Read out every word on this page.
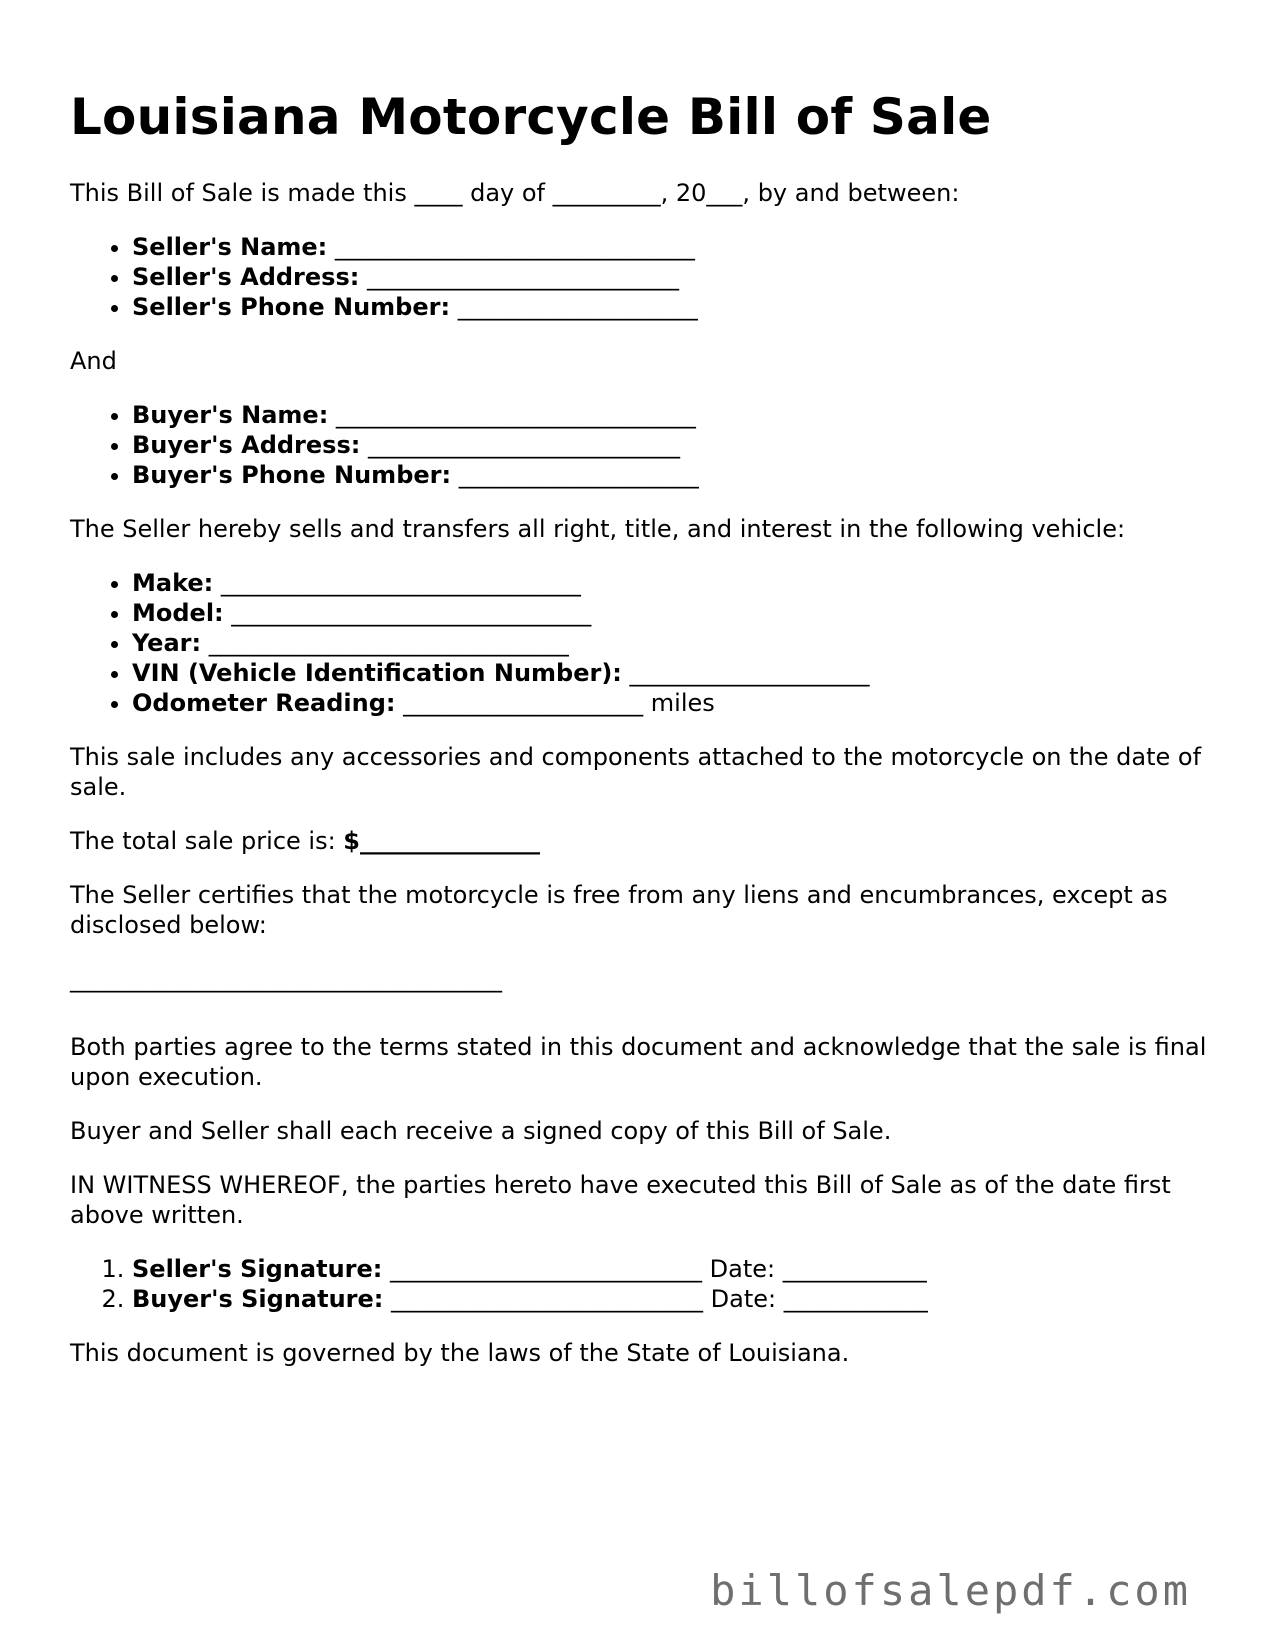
Louisiana Motorcycle Bill of Sale

This Bill of Sale is made this ____ day of _________, 20___, by and between:

• Seller's Name: ______________________________
• Seller's Address: __________________________
• Seller's Phone Number: ____________________

And

• Buyer's Name: ______________________________
• Buyer's Address: __________________________
• Buyer's Phone Number: ____________________

The Seller hereby sells and transfers all right, title, and interest in the following vehicle:

• Make: ______________________________
• Model: ______________________________
• Year: ______________________________
• VIN (Vehicle Identification Number): ____________________
• Odometer Reading: ____________________ miles

This sale includes any accessories and components attached to the motorcycle on the date of sale.

The total sale price is: $_______________

The Seller certifies that the motorcycle is free from any liens and encumbrances, except as disclosed below:

____________________________________

Both parties agree to the terms stated in this document and acknowledge that the sale is final upon execution.

Buyer and Seller shall each receive a signed copy of this Bill of Sale.

IN WITNESS WHEREOF, the parties hereto have executed this Bill of Sale as of the date first above written.

1. Seller's Signature: __________________________ Date: ____________
2. Buyer's Signature: __________________________ Date: ____________

This document is governed by the laws of the State of Louisiana.

billofsalepdf.com
